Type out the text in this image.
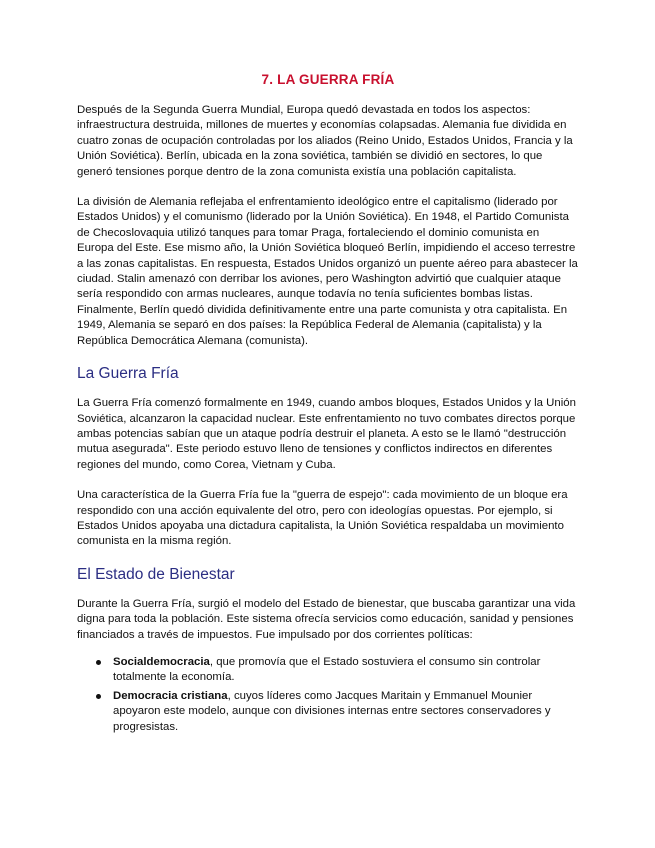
7. LA GUERRA FRÍA

Después de la Segunda Guerra Mundial, Europa quedó devastada en todos los aspectos: infraestructura destruida, millones de muertes y economías colapsadas. Alemania fue dividida en cuatro zonas de ocupación controladas por los aliados (Reino Unido, Estados Unidos, Francia y la Unión Soviética). Berlín, ubicada en la zona soviética, también se dividió en sectores, lo que generó tensiones porque dentro de la zona comunista existía una población capitalista.

La división de Alemania reflejaba el enfrentamiento ideológico entre el capitalismo (liderado por Estados Unidos) y el comunismo (liderado por la Unión Soviética). En 1948, el Partido Comunista de Checoslovaquia utilizó tanques para tomar Praga, fortaleciendo el dominio comunista en Europa del Este. Ese mismo año, la Unión Soviética bloqueó Berlín, impidiendo el acceso terrestre a las zonas capitalistas. En respuesta, Estados Unidos organizó un puente aéreo para abastecer la ciudad. Stalin amenazó con derribar los aviones, pero Washington advirtió que cualquier ataque sería respondido con armas nucleares, aunque todavía no tenía suficientes bombas listas. Finalmente, Berlín quedó dividida definitivamente entre una parte comunista y otra capitalista. En 1949, Alemania se separó en dos países: la República Federal de Alemania (capitalista) y la República Democrática Alemana (comunista).

La Guerra Fría

La Guerra Fría comenzó formalmente en 1949, cuando ambos bloques, Estados Unidos y la Unión Soviética, alcanzaron la capacidad nuclear. Este enfrentamiento no tuvo combates directos porque ambas potencias sabían que un ataque podría destruir el planeta. A esto se le llamó "destrucción mutua asegurada". Este periodo estuvo lleno de tensiones y conflictos indirectos en diferentes regiones del mundo, como Corea, Vietnam y Cuba.

Una característica de la Guerra Fría fue la "guerra de espejo": cada movimiento de un bloque era respondido con una acción equivalente del otro, pero con ideologías opuestas. Por ejemplo, si Estados Unidos apoyaba una dictadura capitalista, la Unión Soviética respaldaba un movimiento comunista en la misma región.

El Estado de Bienestar

Durante la Guerra Fría, surgió el modelo del Estado de bienestar, que buscaba garantizar una vida digna para toda la población. Este sistema ofrecía servicios como educación, sanidad y pensiones financiados a través de impuestos. Fue impulsado por dos corrientes políticas:

Socialdemocracia, que promovía que el Estado sostuviera el consumo sin controlar totalmente la economía.
Democracia cristiana, cuyos líderes como Jacques Maritain y Emmanuel Mounier apoyaron este modelo, aunque con divisiones internas entre sectores conservadores y progresistas.
